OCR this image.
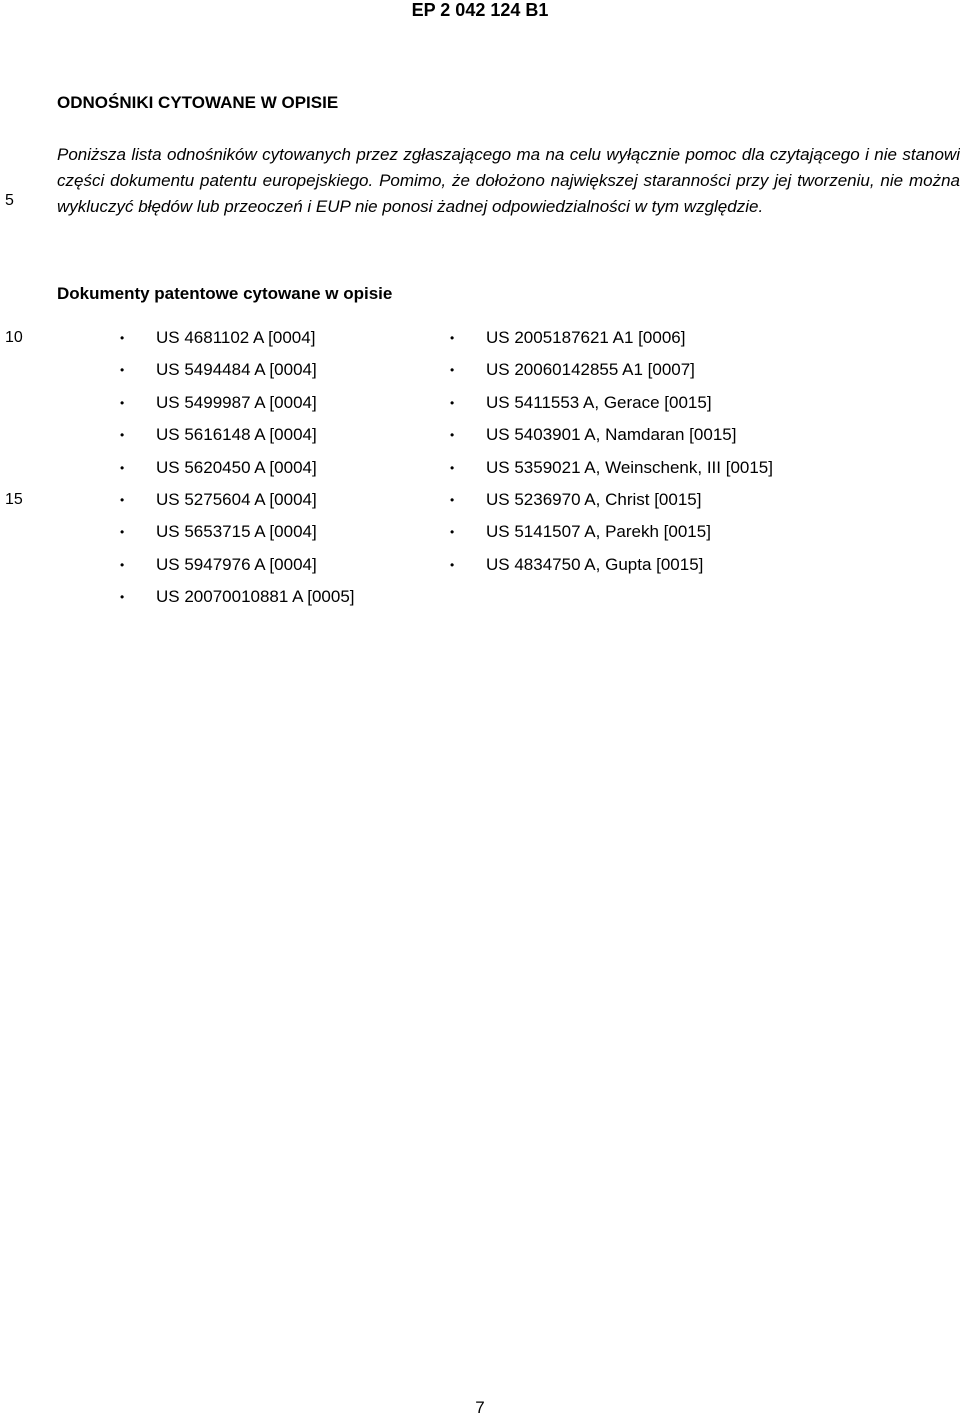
EP 2 042 124 B1
ODNOŚNIKI CYTOWANE W OPISIE
5
Poniższa lista odnośników cytowanych przez zgłaszającego ma na celu wyłącznie pomoc dla czytającego i nie stanowi części dokumentu patentu europejskiego. Pomimo, że dołożono największej staranności przy jej tworzeniu, nie można wykluczyć błędów lub przeoczeń i EUP nie ponosi żadnej odpowiedzialności w tym względzie.
Dokumenty patentowe cytowane w opisie
10
15
• US 4681102 A [0004]
• US 5494484 A [0004]
• US 5499987 A [0004]
• US 5616148 A [0004]
• US 5620450 A [0004]
• US 5275604 A [0004]
• US 5653715 A [0004]
• US 5947976 A [0004]
• US 20070010881 A [0005]
• US 2005187621 A1 [0006]
• US 20060142855 A1 [0007]
• US 5411553 A, Gerace [0015]
• US 5403901 A, Namdaran [0015]
• US 5359021 A, Weinschenk, III [0015]
• US 5236970 A, Christ [0015]
• US 5141507 A, Parekh [0015]
• US 4834750 A, Gupta [0015]
7
